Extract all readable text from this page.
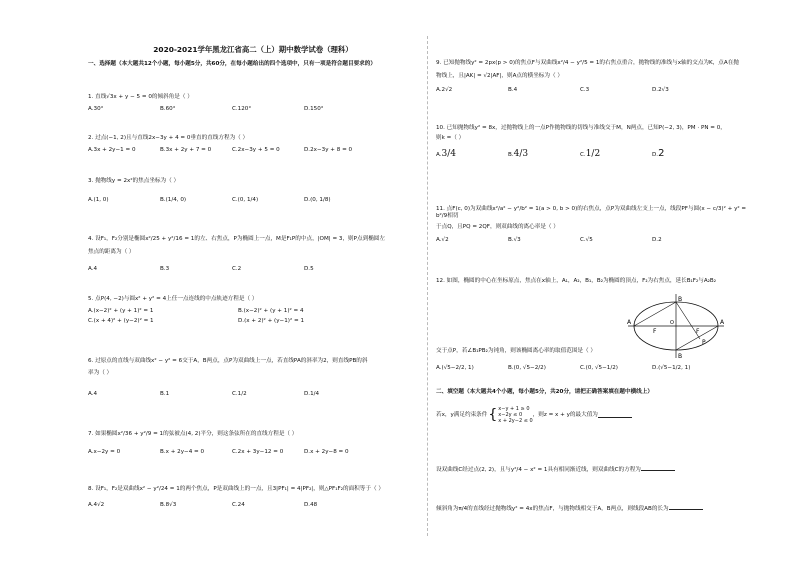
2020-2021学年黑龙江省高二（上）期中数学试卷（理科）
一、选择题（本大题共12个小题，每小题5分，共60分，在每小题给出的四个选项中，只有一项是符合题目要求的）
1. 直线√3x + y − 5 = 0的倾斜角是（ ）
A.30°	B.60°	C.120°	D.150°
2. 过点(−1, 2)且与直线2x−3y + 4 = 0垂直的直线方程为（ ）
A.3x + 2y−1 = 0	B.3x + 2y + 7 = 0	C.2x−3y + 5 = 0	D.2x−3y + 8 = 0
3. 抛物线y = 2x²的焦点坐标为（ ）
A.(1, 0)	B.(1/4, 0)	C.(0, 1/4)	D.(0, 1/8)
4. 设F₁，F₂分别是椭圆x²/25 + y²/16 = 1的左、右焦点，P为椭圆上一点，M是F₁P的中点，|OM| = 3，则P点到椭圆左
焦点的距离为（ ）
A.4	B.3	C.2	D.5
5. 点P(4, −2)与圆x² + y² = 4上任一点连线的中点轨迹方程是（ ）
A.(x−2)² + (y + 1)² = 1	B.(x−2)² + (y + 1)² = 4
C.(x + 4)² + (y−2)² = 1	D.(x + 2)² + (y−1)² = 1
6. 过原点的直线与双曲线x² − y² = 6交于A，B两点，点P为双曲线上一点，若直线PA的斜率为2，则直线PB的斜
率为（ ）
A.4	B.1	C.1/2	D.1/4
7. 如果椭圆x²/36 + y²/9 = 1的弦被点(4, 2)平分，则这条弦所在的直线方程是（ ）
A.x−2y = 0	B.x + 2y−4 = 0	C.2x + 3y−12 = 0	D.x + 2y−8 = 0
8. 设F₁，F₂是双曲线x² − y²/24 = 1的两个焦点，P是双曲线上的一点，且3|PF₁| = 4|PF₂|，则△PF₁F₂的面积等于（ ）
A.4√2	B.8√3	C.24	D.48
9. 已知抛物线y² = 2px(p > 0)的焦点F与双曲线x²/4 − y²/5 = 1的右焦点重合，抛物线的准线与x轴的交点为K，点A在抛
物线上，且|AK| = √2|AF|，则A点的横坐标为（ ）
A.2√2	B.4	C.3	D.2√3
10. 已知抛物线y² = 8x，过抛物线上的一点P作抛物线的切线与准线交于M，N两点，已知P(−2, 3)，PM · PN = 0，
则k =（ ）
A.3/4	B.4/3	C.1/2	D.2
11. 点F(c, 0)为双曲线x²/a² − y²/b² = 1(a > 0, b > 0)的右焦点，点P为双曲线左支上一点，线段PF与圆(x − c/3)² + y² = b²/9相切
于点Q，且PQ = 2QF，则双曲线的离心率是（ ）
A.√2	B.√3	C.√5	D.2
12. 如图，椭圆的中心在坐标原点，焦点在x轴上，A₁，A₂，B₁，B₂为椭圆的顶点，F₂为右焦点，延长B₁F₂与A₂B₂
A	A
B
B
F	F
O
P
交于点P，若∠B₁PB₂为钝角，则该椭圆离心率的取值范围是（ ）
A.(√5−2/2, 1)	B.(0, √5−2/2)	C.(0, √5−1/2)	D.(√5−1/2, 1)
二、填空题（本大题共4个小题，每小题5分，共20分，请把正确答案填在题中横线上）
若x，y满足约束条件 { x−y + 1 ≥ 0
x−2y ≤ 0
x + 2y−2 ≤ 0
，则z = x + y的最大值为
设双曲线C经过点(2, 2)，且与y²/4 − x² = 1具有相同渐近线，则双曲线C的方程为
倾斜角为π/4的直线经过抛物线y² = 4x的焦点F，与抛物线相交于A，B两点，则线段AB的长为
